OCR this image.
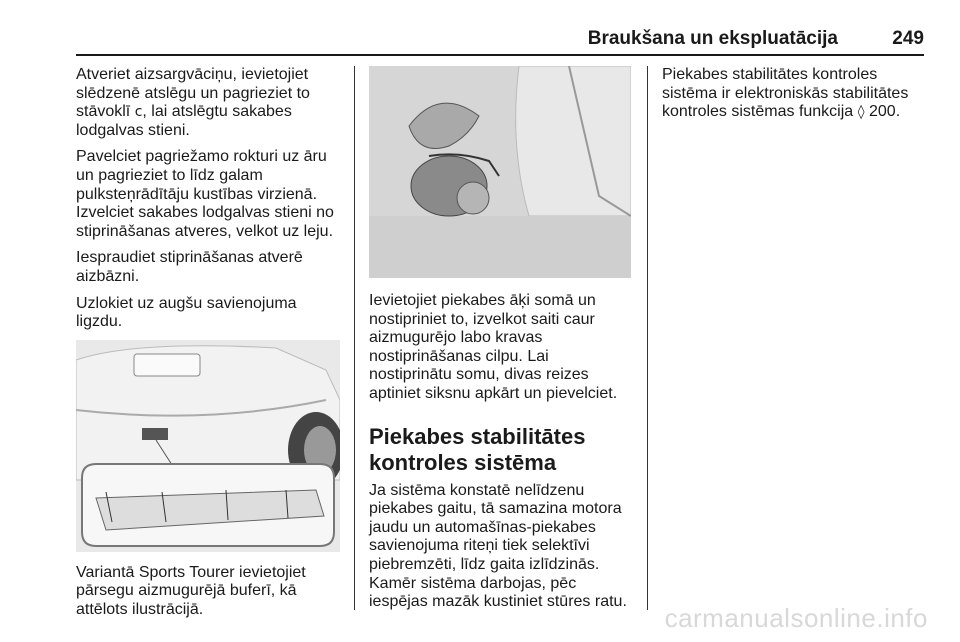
Braukšana un ekspluatācija	249

Atveriet aizsargvāciņu, ievietojiet slēdzenē atslēgu un pagrieziet to stāvoklī c, lai atslēgtu sakabes lodgalvas stieni.

Pavelciet pagriežamo rokturi uz āru un pagrieziet to līdz galam pulksteņrādītāju kustības virzienā.

Izvelciet sakabes lodgalvas stieni no stiprināšanas atveres, velkot uz leju.

Iespraudiet stiprināšanas atverē aizbāzni.

Uzlokiet uz augšu savienojuma ligzdu.

Variantā Sports Tourer ievietojiet pārsegu aizmugurējā buferī, kā attēlots ilustrācijā.

Ievietojiet piekabes āķi somā un nostipriniet to, izvelkot saiti caur aizmugurējo labo kravas nostiprināšanas cilpu. Lai nostiprinātu somu, divas reizes aptiniet siksnu apkārt un pievelciet.

Piekabes stabilitātes kontroles sistēma

Ja sistēma konstatē nelīdzenu piekabes gaitu, tā samazina motora jaudu un automašīnas-piekabes savienojuma riteņi tiek selektīvi piebremzēti, līdz gaita izlīdzinās. Kamēr sistēma darbojas, pēc iespējas mazāk kustiniet stūres ratu.

Piekabes stabilitātes kontroles sistēma ir elektroniskās stabilitātes kontroles sistēmas funkcija ◊ 200.

carmanualsonline.info
